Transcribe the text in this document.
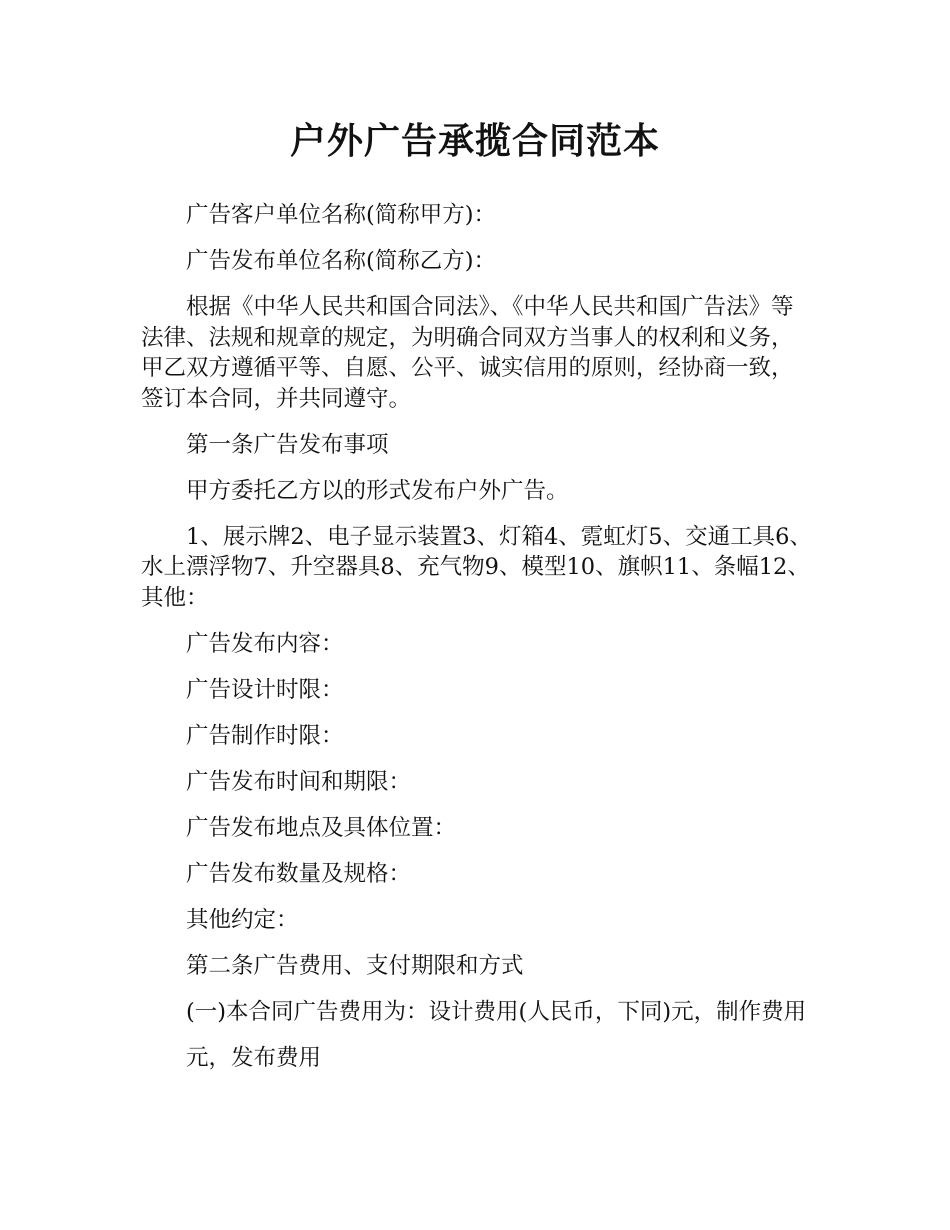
户外广告承揽合同范本

广告客户单位名称(简称甲方)：

广告发布单位名称(简称乙方)：

根据《中华人民共和国合同法》、《中华人民共和国广告法》等法律、法规和规章的规定，为明确合同双方当事人的权利和义务，甲乙双方遵循平等、自愿、公平、诚实信用的原则，经协商一致，签订本合同，并共同遵守。

第一条广告发布事项

甲方委托乙方以的形式发布户外广告。

1、展示牌2、电子显示装置3、灯箱4、霓虹灯5、交通工具6、水上漂浮物7、升空器具8、充气物9、模型10、旗帜11、条幅12、其他：

广告发布内容：

广告设计时限：

广告制作时限：

广告发布时间和期限：

广告发布地点及具体位置：

广告发布数量及规格：

其他约定：

第二条广告费用、支付期限和方式

(一)本合同广告费用为：设计费用(人民币，下同)元，制作费用

元，发布费用
